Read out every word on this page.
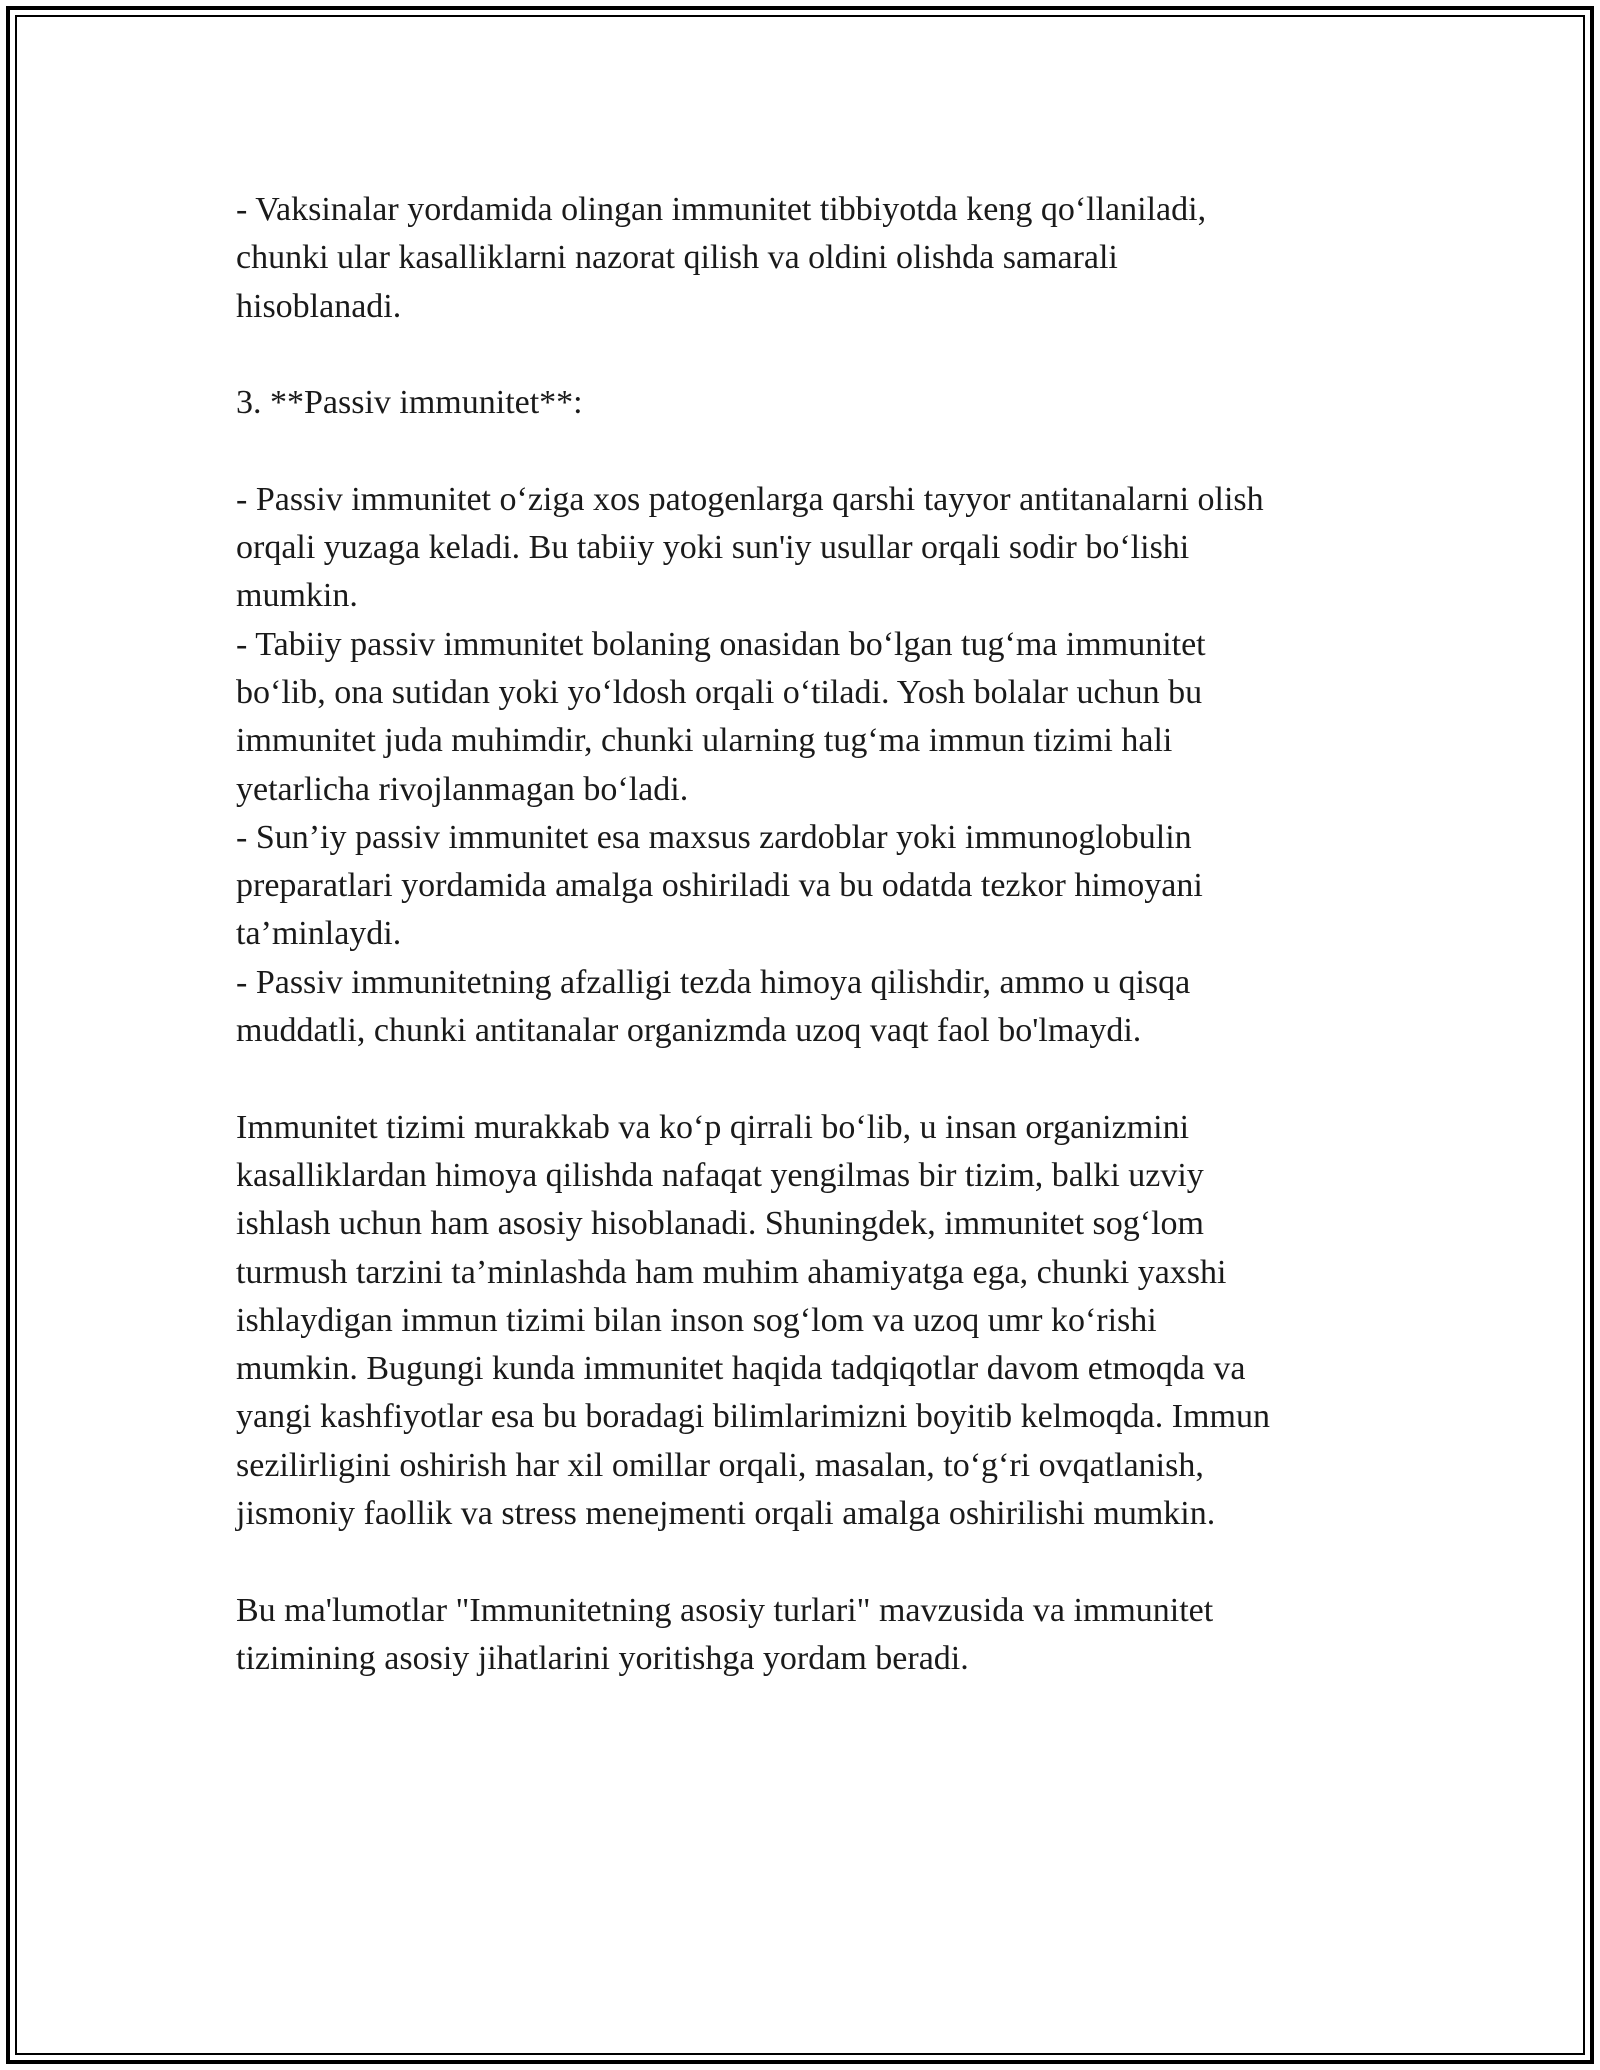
- Vaksinalar yordamida olingan immunitet tibbiyotda keng qo‘llaniladi,
chunki ular kasalliklarni nazorat qilish va oldini olishda samarali
hisoblanadi.
3. **Passiv immunitet**:
- Passiv immunitet o‘ziga xos patogenlarga qarshi tayyor antitanalarni olish
orqali yuzaga keladi. Bu tabiiy yoki sun'iy usullar orqali sodir bo‘lishi
mumkin.
- Tabiiy passiv immunitet bolaning onasidan bo‘lgan tug‘ma immunitet
bo‘lib, ona sutidan yoki yo‘ldosh orqali o‘tiladi. Yosh bolalar uchun bu
immunitet juda muhimdir, chunki ularning tug‘ma immun tizimi hali
yetarlicha rivojlanmagan bo‘ladi.
- Sun’iy passiv immunitet esa maxsus zardoblar yoki immunoglobulin
preparatlari yordamida amalga oshiriladi va bu odatda tezkor himoyani
ta’minlaydi.
- Passiv immunitetning afzalligi tezda himoya qilishdir, ammo u qisqa
muddatli, chunki antitanalar organizmda uzoq vaqt faol bo'lmaydi.
Immunitet tizimi murakkab va ko‘p qirrali bo‘lib, u insan organizmini
kasalliklardan himoya qilishda nafaqat yengilmas bir tizim, balki uzviy
ishlash uchun ham asosiy hisoblanadi. Shuningdek, immunitet sog‘lom
turmush tarzini ta’minlashda ham muhim ahamiyatga ega, chunki yaxshi
ishlaydigan immun tizimi bilan inson sog‘lom va uzoq umr ko‘rishi
mumkin. Bugungi kunda immunitet haqida tadqiqotlar davom etmoqda va
yangi kashfiyotlar esa bu boradagi bilimlarimizni boyitib kelmoqda. Immun
sezilirligini oshirish har xil omillar orqali, masalan, to‘g‘ri ovqatlanish,
jismoniy faollik va stress menejmenti orqali amalga oshirilishi mumkin.
Bu ma'lumotlar "Immunitetning asosiy turlari" mavzusida va immunitet
tizimining asosiy jihatlarini yoritishga yordam beradi.
